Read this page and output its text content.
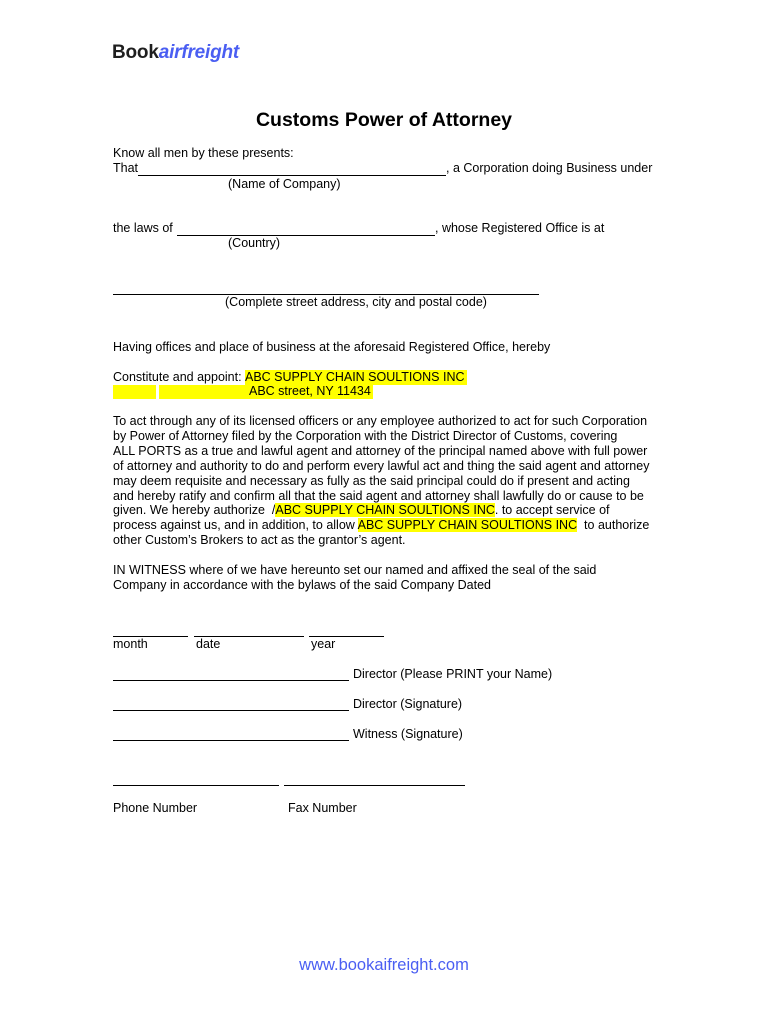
Bookairfreight
Customs Power of Attorney
Know all men by these presents:
That	, a Corporation doing Business under
(Name of Company)
the laws of	, whose Registered Office is at
(Country)
(Complete street address, city and postal code)
Having offices and place of business at the aforesaid Registered Office, hereby
Constitute and appoint: ABC SUPPLY CHAIN SOULTIONS INC
ABC street, NY 11434
To act through any of its licensed officers or any employee authorized to act for such Corporation
by Power of Attorney filed by the Corporation with the District Director of Customs, covering
ALL PORTS as a true and lawful agent and attorney of the principal named above with full power
of attorney and authority to do and perform every lawful act and thing the said agent and attorney
may deem requisite and necessary as fully as the said principal could do if present and acting
and hereby ratify and confirm all that the said agent and attorney shall lawfully do or cause to be
given. We hereby authorize  /ABC SUPPLY CHAIN SOULTIONS INC. to accept service of
process against us, and in addition, to allow ABC SUPPLY CHAIN SOULTIONS INC  to authorize
other Custom’s Brokers to act as the grantor’s agent.
IN WITNESS where of we have hereunto set our named and affixed the seal of the said
Company in accordance with the bylaws of the said Company Dated
month	date	year
Director (Please PRINT your Name)
Director (Signature)
Witness (Signature)
Phone Number	Fax Number
www.bookaifreight.com
